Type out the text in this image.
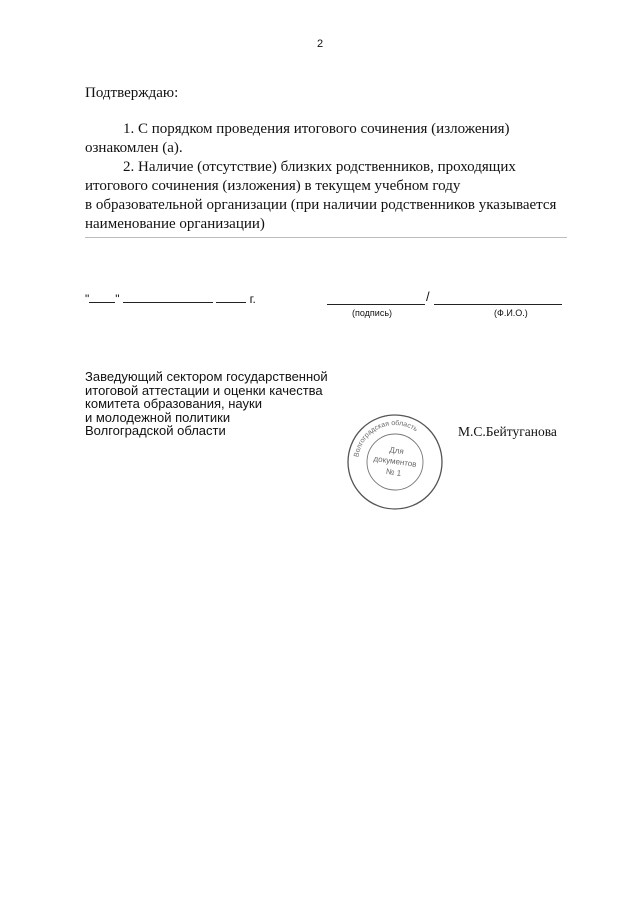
2
Подтверждаю:
1. С порядком проведения итогового сочинения (изложения)
ознакомлен (а).
2. Наличие (отсутствие) близких родственников, проходящих
итогового сочинения (изложения) в текущем учебном году
в образовательной организации (при наличии родственников указывается
наименование организации)
" "	г.	/
(подпись)	(Ф.И.О.)
Заведующий сектором государственной
итоговой аттестации и оценки качества
комитета образования, науки
и молодежной политики
Волгоградской области	М.С.Бейтуганова
Волгоградская область
Для
документов
№ 1
